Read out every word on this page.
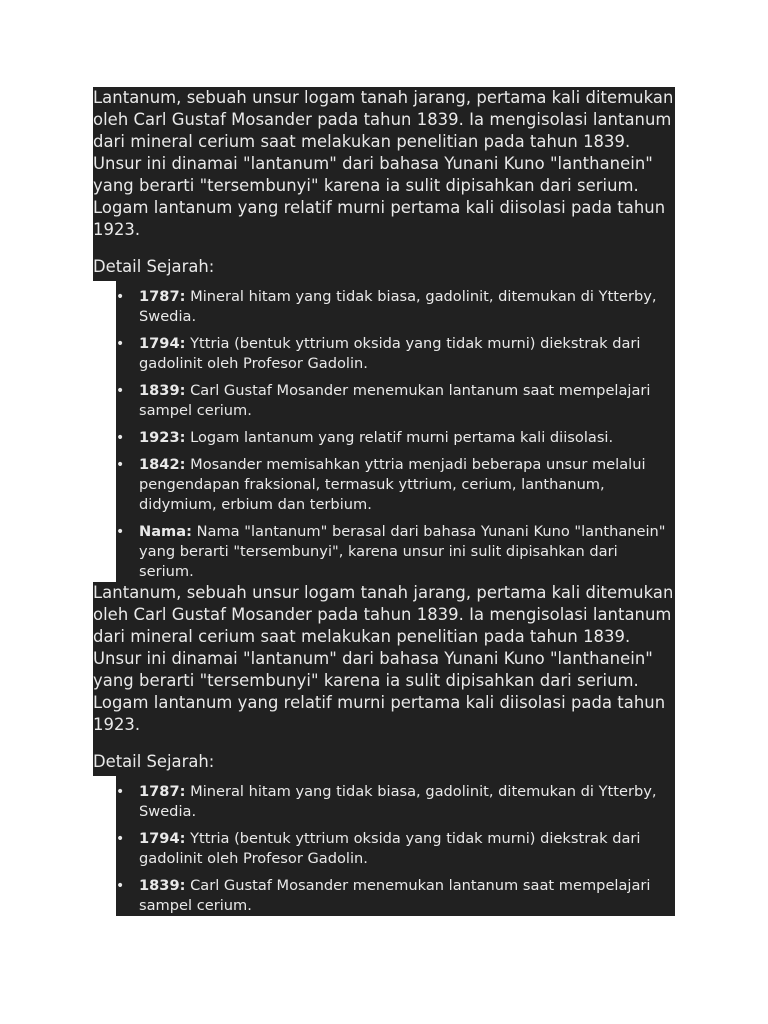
Lantanum, sebuah unsur logam tanah jarang, pertama kali ditemukan oleh Carl Gustaf Mosander pada tahun 1839. Ia mengisolasi lantanum dari mineral cerium saat melakukan penelitian pada tahun 1839. Unsur ini dinamai "lantanum" dari bahasa Yunani Kuno "lanthanein" yang berarti "tersembunyi" karena ia sulit dipisahkan dari serium. Logam lantanum yang relatif murni pertama kali diisolasi pada tahun 1923.

Detail Sejarah:

• 1787: Mineral hitam yang tidak biasa, gadolinit, ditemukan di Ytterby, Swedia.
• 1794: Yttria (bentuk yttrium oksida yang tidak murni) diekstrak dari gadolinit oleh Profesor Gadolin.
• 1839: Carl Gustaf Mosander menemukan lantanum saat mempelajari sampel cerium.
• 1923: Logam lantanum yang relatif murni pertama kali diisolasi.
• 1842: Mosander memisahkan yttria menjadi beberapa unsur melalui pengendapan fraksional, termasuk yttrium, cerium, lanthanum, didymium, erbium dan terbium.
• Nama: Nama "lantanum" berasal dari bahasa Yunani Kuno "lanthanein" yang berarti "tersembunyi", karena unsur ini sulit dipisahkan dari serium.

Lantanum, sebuah unsur logam tanah jarang, pertama kali ditemukan oleh Carl Gustaf Mosander pada tahun 1839. Ia mengisolasi lantanum dari mineral cerium saat melakukan penelitian pada tahun 1839. Unsur ini dinamai "lantanum" dari bahasa Yunani Kuno "lanthanein" yang berarti "tersembunyi" karena ia sulit dipisahkan dari serium. Logam lantanum yang relatif murni pertama kali diisolasi pada tahun 1923.

Detail Sejarah:

• 1787: Mineral hitam yang tidak biasa, gadolinit, ditemukan di Ytterby, Swedia.
• 1794: Yttria (bentuk yttrium oksida yang tidak murni) diekstrak dari gadolinit oleh Profesor Gadolin.
• 1839: Carl Gustaf Mosander menemukan lantanum saat mempelajari sampel cerium.
